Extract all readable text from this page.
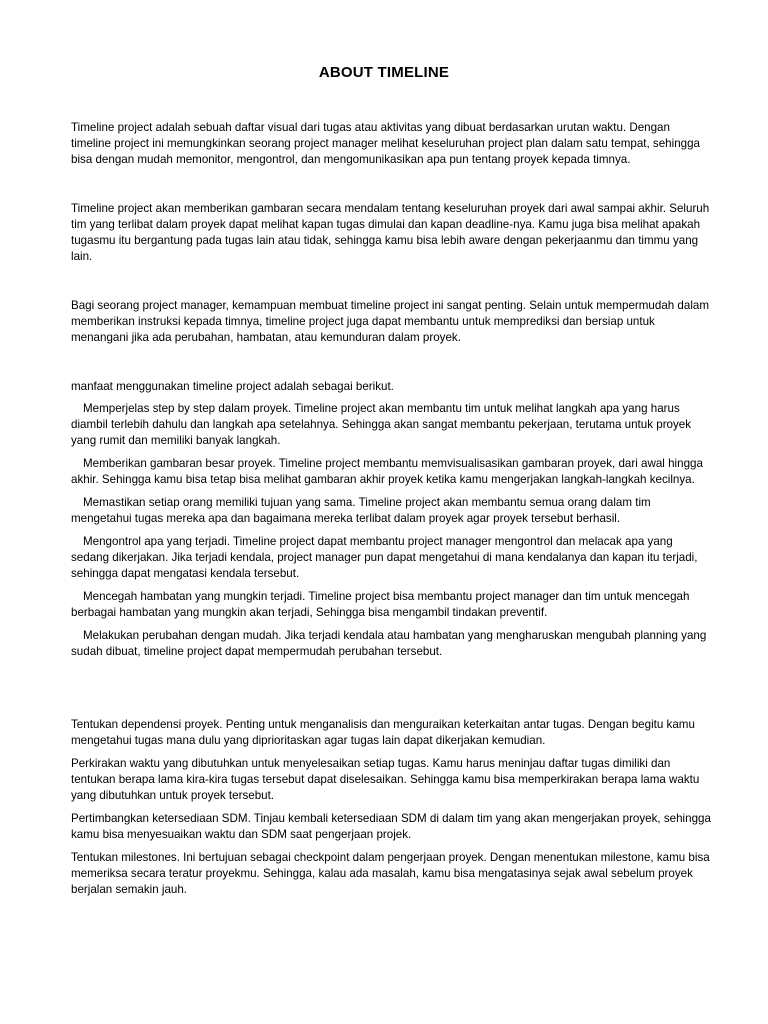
ABOUT TIMELINE

Timeline project adalah sebuah daftar visual dari tugas atau aktivitas yang dibuat berdasarkan urutan waktu. Dengan timeline project ini memungkinkan seorang project manager melihat keseluruhan project plan dalam satu tempat, sehingga bisa dengan mudah memonitor, mengontrol, dan mengomunikasikan apa pun tentang proyek kepada timnya.

Timeline project akan memberikan gambaran secara mendalam tentang keseluruhan proyek dari awal sampai akhir. Seluruh tim yang terlibat dalam proyek dapat melihat kapan tugas dimulai dan kapan deadline-nya. Kamu juga bisa melihat apakah tugasmu itu bergantung pada tugas lain atau tidak, sehingga kamu bisa lebih aware dengan pekerjaanmu dan timmu yang lain.

Bagi seorang project manager, kemampuan membuat timeline project ini sangat penting. Selain untuk mempermudah dalam memberikan instruksi kepada timnya, timeline project juga dapat membantu untuk memprediksi dan bersiap untuk menangani jika ada perubahan, hambatan, atau kemunduran dalam proyek.

manfaat menggunakan timeline project adalah sebagai berikut.

Memperjelas step by step dalam proyek. Timeline project akan membantu tim untuk melihat langkah apa yang harus diambil terlebih dahulu dan langkah apa setelahnya. Sehingga akan sangat membantu pekerjaan, terutama untuk proyek yang rumit dan memiliki banyak langkah.

Memberikan gambaran besar proyek. Timeline project membantu memvisualisasikan gambaran proyek, dari awal hingga akhir. Sehingga kamu bisa tetap bisa melihat gambaran akhir proyek ketika kamu mengerjakan langkah-langkah kecilnya.

Memastikan setiap orang memiliki tujuan yang sama. Timeline project akan membantu semua orang dalam tim mengetahui tugas mereka apa dan bagaimana mereka terlibat dalam proyek agar proyek tersebut berhasil.

Mengontrol apa yang terjadi. Timeline project dapat membantu project manager mengontrol dan melacak apa yang sedang dikerjakan. Jika terjadi kendala, project manager pun dapat mengetahui di mana kendalanya dan kapan itu terjadi, sehingga dapat mengatasi kendala tersebut.

Mencegah hambatan yang mungkin terjadi. Timeline project bisa membantu project manager dan tim untuk mencegah berbagai hambatan yang mungkin akan terjadi, Sehingga bisa mengambil tindakan preventif.

Melakukan perubahan dengan mudah. Jika terjadi kendala atau hambatan yang mengharuskan mengubah planning yang sudah dibuat, timeline project dapat mempermudah perubahan tersebut.

Tentukan dependensi proyek. Penting untuk menganalisis dan menguraikan keterkaitan antar tugas. Dengan begitu kamu mengetahui tugas mana dulu yang diprioritaskan agar tugas lain dapat dikerjakan kemudian.

Perkirakan waktu yang dibutuhkan untuk menyelesaikan setiap tugas. Kamu harus meninjau daftar tugas dimiliki dan tentukan berapa lama kira-kira tugas tersebut dapat diselesaikan. Sehingga kamu bisa memperkirakan berapa lama waktu yang dibutuhkan untuk proyek tersebut.

Pertimbangkan ketersediaan SDM. Tinjau kembali ketersediaan SDM di dalam tim yang akan mengerjakan proyek, sehingga kamu bisa menyesuaikan waktu dan SDM saat pengerjaan projek.

Tentukan milestones. Ini bertujuan sebagai checkpoint dalam pengerjaan proyek. Dengan menentukan milestone, kamu bisa memeriksa secara teratur proyekmu. Sehingga, kalau ada masalah, kamu bisa mengatasinya sejak awal sebelum proyek berjalan semakin jauh.
